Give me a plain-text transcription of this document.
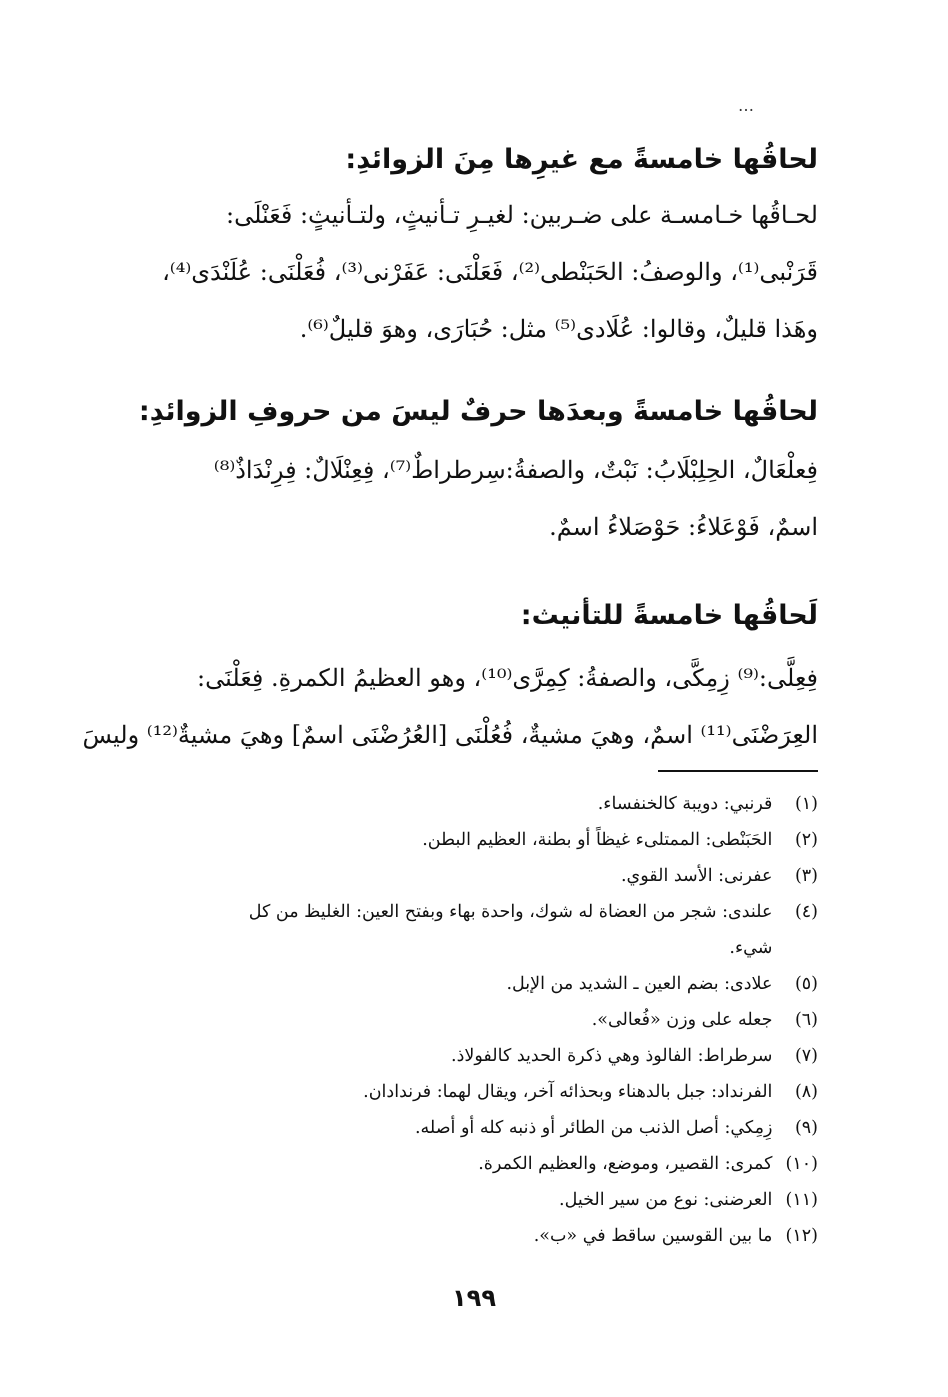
…
لحاقُها خامسةً مع غيرِها مِنَ الزوائدِ:
لحـاقُها خـامسـة على ضـربين: لغيـرِ تـأنيثٍ، ولتـأنيثٍ: فَعَنْلَى:
قَرَنْبى⁽¹⁾، والوصفُ: الحَبَنْطى⁽²⁾، فَعَلْنَى: عَفَرْنى⁽³⁾، فُعَلْنَى: عُلَنْدَى⁽⁴⁾،
وهَذا قليلٌ، وقالوا: عُلَادى⁽⁵⁾ مثل: حُبَارَى، وهوَ قليلٌ⁽⁶⁾.
لحاقُها خامسةً وبعدَها حرفٌ ليسَ من حروفِ الزوائدِ:
فِعلْعَالٌ، الحِلِبْلَابُ: نَبْتٌ، والصفةُ:سِرطراطٌ⁽⁷⁾، فِعِنْلَالٌ: فِرِنْدَاذٌ⁽⁸⁾
اسمٌ، فَوْعَلاءُ: حَوْصَلاءُ اسمٌ.
لَحاقُها خامسةً للتأنيث:
فِعِلَّى:⁽⁹⁾ زِمِكَّى، والصفةُ: كِمِرَّى⁽¹⁰⁾، وهو العظيمُ الكمرةِ. فِعَلْنَى:
العِرَضْنَى⁽¹¹⁾ اسمٌ، وهيَ مشيةٌ، فُعُلْنَى [العُرُضْنَى اسمٌ] وهيَ مشيةٌ⁽¹²⁾ وليسَ
(١) قرنبي: دويبة كالخنفساء.
(٢) الحَبَنْطى: الممتلىء غيظاً أو بطنة، العظيم البطن.
(٣) عفرنى: الأسد القوي.
(٤) علندى: شجر من العضاة له شوك، واحدة بهاء وبفتح العين: الغليظ من كل
شيء.
(٥) علادى: بضم العين ـ الشديد من الإبل.
(٦) جعله على وزن «فُعالى».
(٧) سرطراط: الفالوذ وهي ذكرة الحديد كالفولاذ.
(٨) الفرنداد: جبل بالدهناء وبحذائه آخر، ويقال لهما: فرندادان.
(٩) زِمِكي: أصل الذنب من الطائر أو ذنبه كله أو أصله.
(١٠) كمرى: القصير، وموضع، والعظيم الكمرة.
(١١) العرضنى: نوع من سير الخيل.
(١٢) ما بين القوسين ساقط في «ب».
١٩٩
